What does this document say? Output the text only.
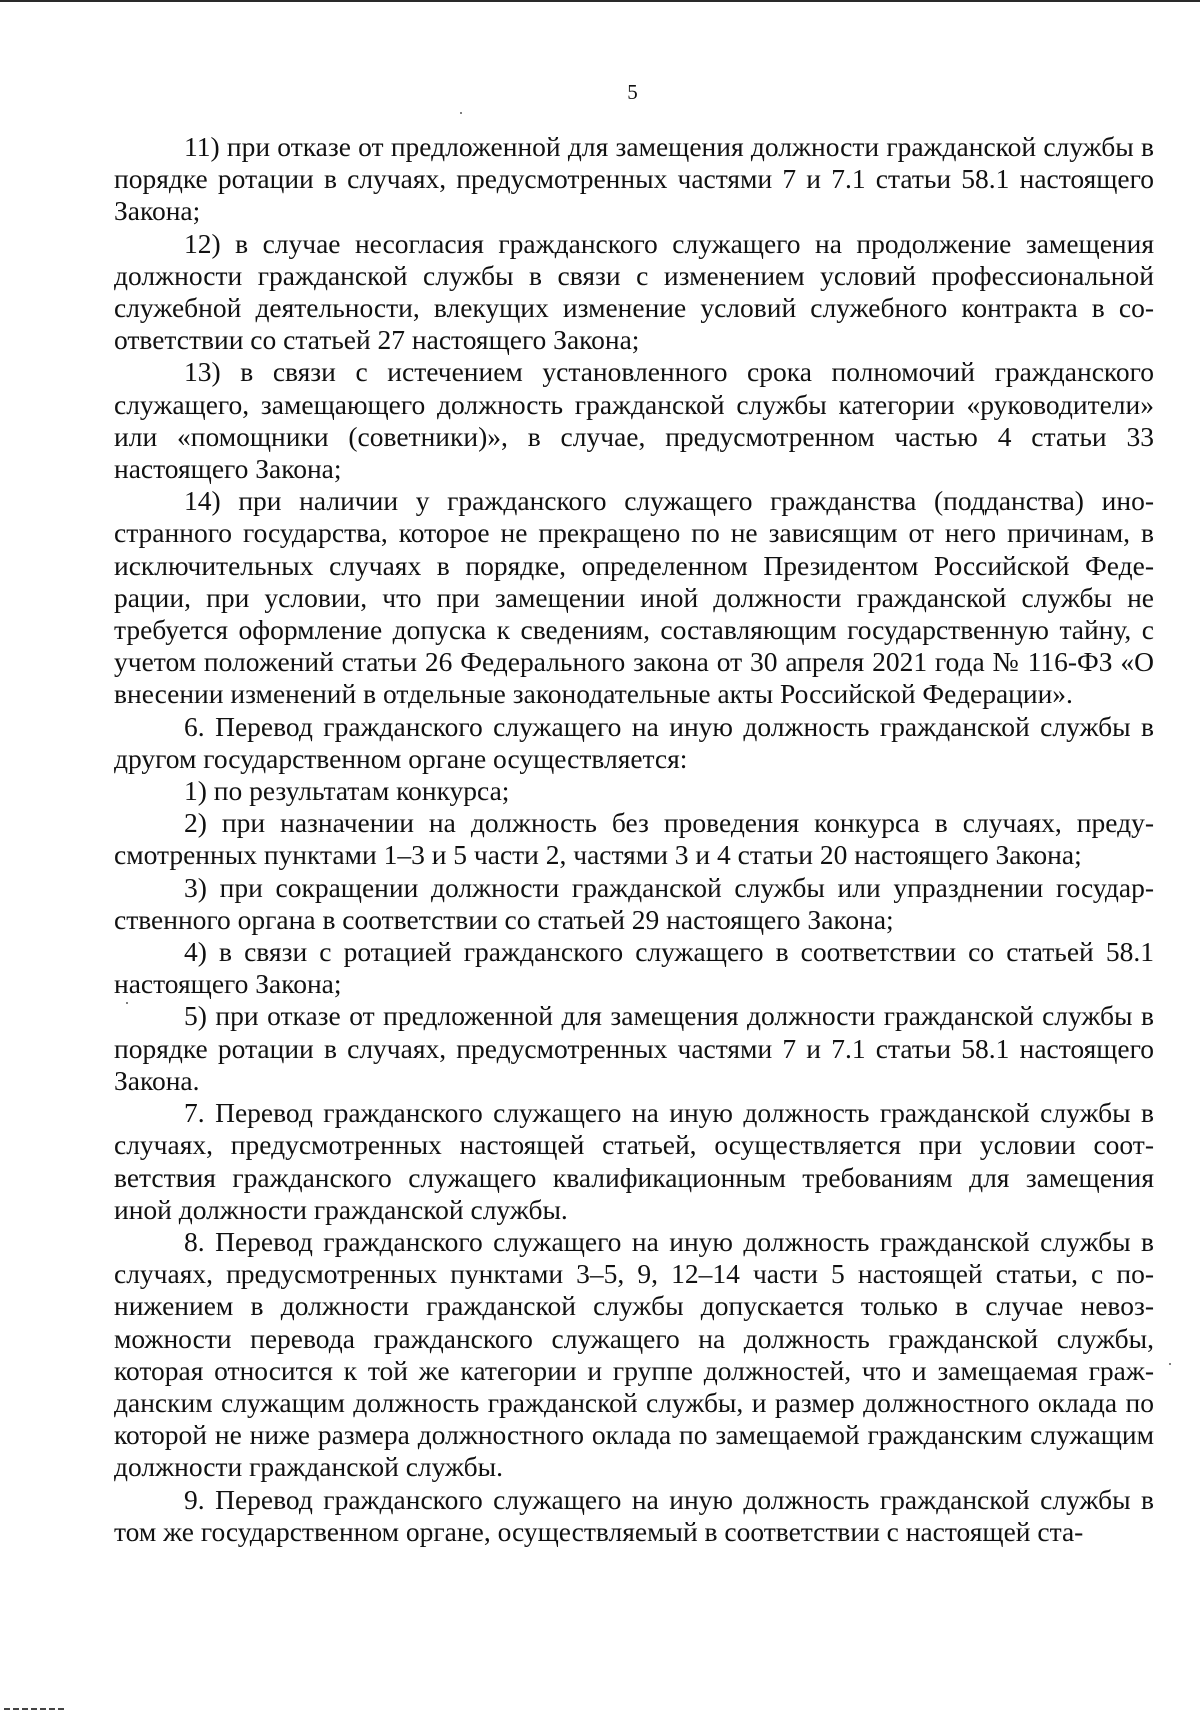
5

11) при отказе от предложенной для замещения должности гражданской службы в порядке ротации в случаях, предусмотренных частями 7 и 7.1 статьи 58.1 настоящего Закона;

12) в случае несогласия гражданского служащего на продолжение замещения должности гражданской службы в связи с изменением условий профессиональной служебной деятельности, влекущих изменение условий служебного контракта в соответствии со статьей 27 настоящего Закона;

13) в связи с истечением установленного срока полномочий гражданского служащего, замещающего должность гражданской службы категории «руководители» или «помощники (советники)», в случае, предусмотренном частью 4 статьи 33 настоящего Закона;

14) при наличии у гражданского служащего гражданства (подданства) иностранного государства, которое не прекращено по не зависящим от него причинам, в исключительных случаях в порядке, определенном Президентом Российской Федерации, при условии, что при замещении иной должности гражданской службы не требуется оформление допуска к сведениям, составляющим государственную тайну, с учетом положений статьи 26 Федерального закона от 30 апреля 2021 года № 116-ФЗ «О внесении изменений в отдельные законодательные акты Российской Федерации».

6. Перевод гражданского служащего на иную должность гражданской службы в другом государственном органе осуществляется:

1) по результатам конкурса;

2) при назначении на должность без проведения конкурса в случаях, предусмотренных пунктами 1–3 и 5 части 2, частями 3 и 4 статьи 20 настоящего Закона;

3) при сокращении должности гражданской службы или упразднении государственного органа в соответствии со статьей 29 настоящего Закона;

4) в связи с ротацией гражданского служащего в соответствии со статьей 58.1 настоящего Закона;

5) при отказе от предложенной для замещения должности гражданской службы в порядке ротации в случаях, предусмотренных частями 7 и 7.1 статьи 58.1 настоящего Закона.

7. Перевод гражданского служащего на иную должность гражданской службы в случаях, предусмотренных настоящей статьей, осуществляется при условии соответствия гражданского служащего квалификационным требованиям для замещения иной должности гражданской службы.

8. Перевод гражданского служащего на иную должность гражданской службы в случаях, предусмотренных пунктами 3–5, 9, 12–14 части 5 настоящей статьи, с понижением в должности гражданской службы допускается только в случае невозможности перевода гражданского служащего на должность гражданской службы, которая относится к той же категории и группе должностей, что и замещаемая гражданским служащим должность гражданской службы, и размер должностного оклада по которой не ниже размера должностного оклада по замещаемой гражданским служащим должности гражданской службы.

9. Перевод гражданского служащего на иную должность гражданской службы в том же государственном органе, осуществляемый в соответствии с настоящей ста-
